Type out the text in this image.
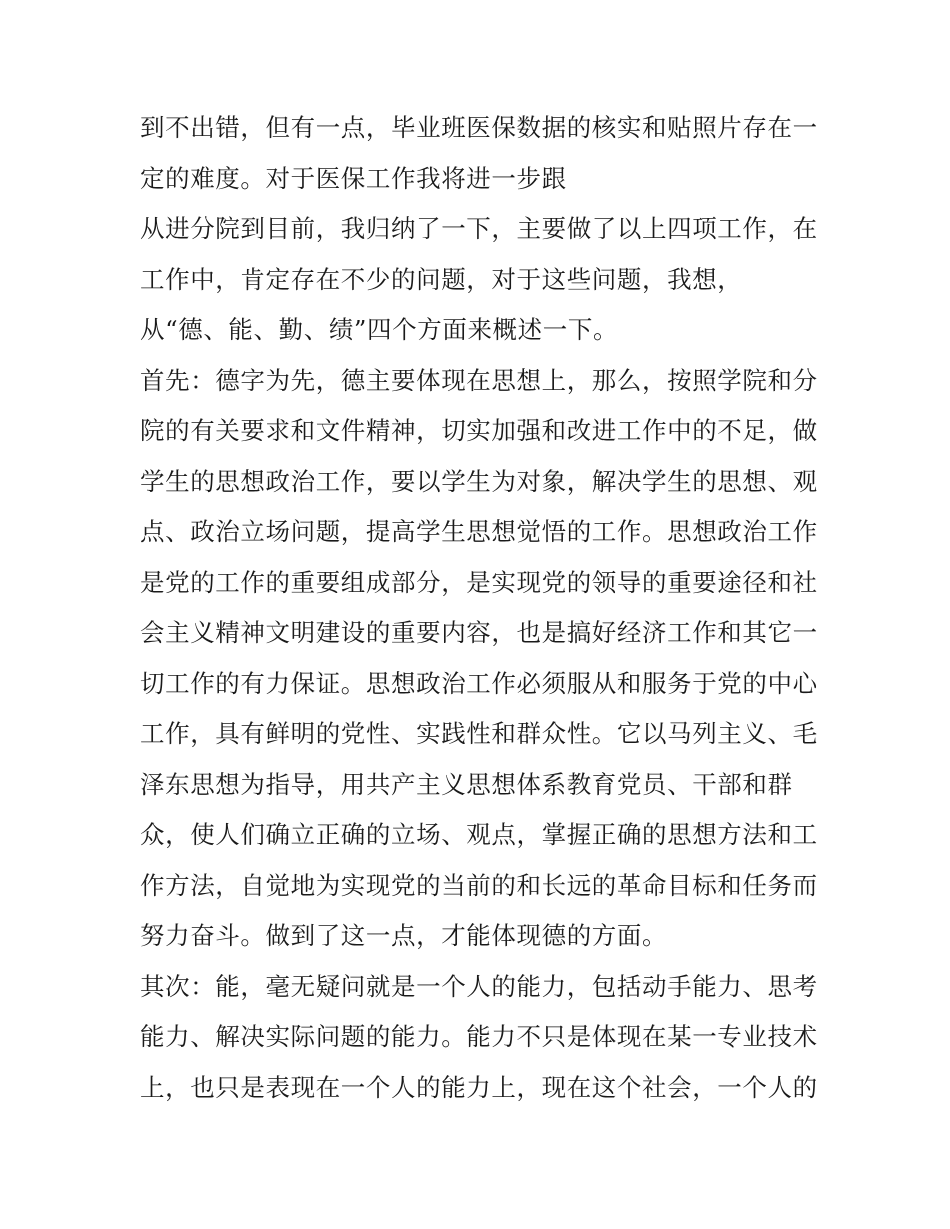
到不出错，但有一点，毕业班医保数据的核实和贴照片存在一
定的难度。对于医保工作我将进一步跟
从进分院到目前，我归纳了一下，主要做了以上四项工作，在
工作中，肯定存在不少的问题，对于这些问题，我想，
从“德、能、勤、绩”四个方面来概述一下。
首先：德字为先，德主要体现在思想上，那么，按照学院和分
院的有关要求和文件精神，切实加强和改进工作中的不足，做
学生的思想政治工作，要以学生为对象，解决学生的思想、观
点、政治立场问题，提高学生思想觉悟的工作。思想政治工作
是党的工作的重要组成部分，是实现党的领导的重要途径和社
会主义精神文明建设的重要内容，也是搞好经济工作和其它一
切工作的有力保证。思想政治工作必须服从和服务于党的中心
工作，具有鲜明的党性、实践性和群众性。它以马列主义、毛
泽东思想为指导，用共产主义思想体系教育党员、干部和群
众，使人们确立正确的立场、观点，掌握正确的思想方法和工
作方法，自觉地为实现党的当前的和长远的革命目标和任务而
努力奋斗。做到了这一点，才能体现德的方面。
其次：能，毫无疑问就是一个人的能力，包括动手能力、思考
能力、解决实际问题的能力。能力不只是体现在某一专业技术
上，也只是表现在一个人的能力上，现在这个社会，一个人的
